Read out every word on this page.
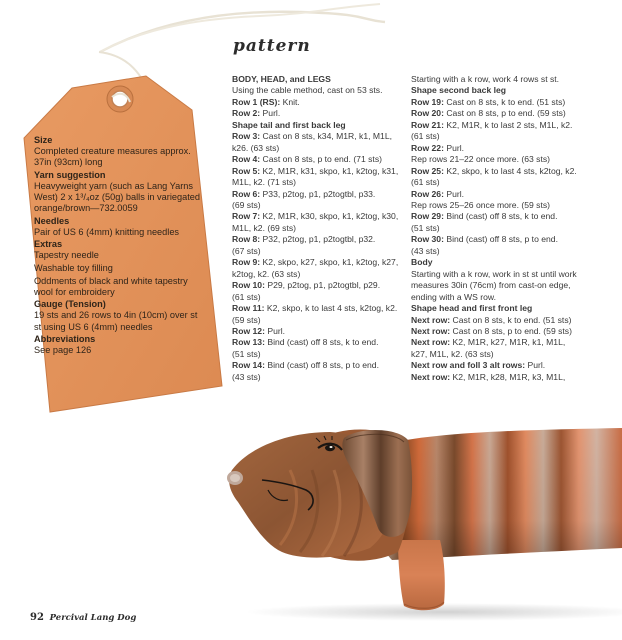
Size
Completed creature measures approx. 37in (93cm) long
Yarn suggestion
Heavyweight yarn (such as Lang Yarns West) 2 x 1³/₄oz (50g) balls in variegated orange/brown—732.0059
Needles
Pair of US 6 (4mm) knitting needles
Extras
Tapestry needle
Washable toy filling
Oddments of black and white tapestry wool for embroidery
Gauge (Tension)
19 sts and 26 rows to 4in (10cm) over st st using US 6 (4mm) needles
Abbreviations
See page 126
pattern
BODY, HEAD, and LEGS
Using the cable method, cast on 53 sts.
Row 1 (RS): Knit.
Row 2: Purl.
Shape tail and first back leg
Row 3: Cast on 8 sts, k34, M1R, k1, M1L,
k26. (63 sts)
Row 4: Cast on 8 sts, p to end. (71 sts)
Row 5: K2, M1R, k31, skpo, k1, k2tog, k31,
M1L, k2. (71 sts)
Row 6: P33, p2tog, p1, p2togtbl, p33.
(69 sts)
Row 7: K2, M1R, k30, skpo, k1, k2tog, k30,
M1L, k2. (69 sts)
Row 8: P32, p2tog, p1, p2togtbl, p32.
(67 sts)
Row 9: K2, skpo, k27, skpo, k1, k2tog, k27,
k2tog, k2. (63 sts)
Row 10: P29, p2tog, p1, p2togtbl, p29.
(61 sts)
Row 11: K2, skpo, k to last 4 sts, k2tog, k2.
(59 sts)
Row 12: Purl.
Row 13: Bind (cast) off 8 sts, k to end.
(51 sts)
Row 14: Bind (cast) off 8 sts, p to end.
(43 sts)
Starting with a k row, work 4 rows st st.
Shape second back leg
Row 19: Cast on 8 sts, k to end. (51 sts)
Row 20: Cast on 8 sts, p to end. (59 sts)
Row 21: K2, M1R, k to last 2 sts, M1L, k2.
(61 sts)
Row 22: Purl.
Rep rows 21–22 once more. (63 sts)
Row 25: K2, skpo, k to last 4 sts, k2tog, k2.
(61 sts)
Row 26: Purl.
Rep rows 25–26 once more. (59 sts)
Row 29: Bind (cast) off 8 sts, k to end.
(51 sts)
Row 30: Bind (cast) off 8 sts, p to end.
(43 sts)
Body
Starting with a k row, work in st st until work
measures 30in (76cm) from cast-on edge,
ending with a WS row.
Shape head and first front leg
Next row: Cast on 8 sts, k to end. (51 sts)
Next row: Cast on 8 sts, p to end. (59 sts)
Next row: K2, M1R, k27, M1R, k1, M1L,
k27, M1L, k2. (63 sts)
Next row and foll 3 alt rows: Purl.
Next row: K2, M1R, k28, M1R, k3, M1L,
92 Percival Lang Dog
